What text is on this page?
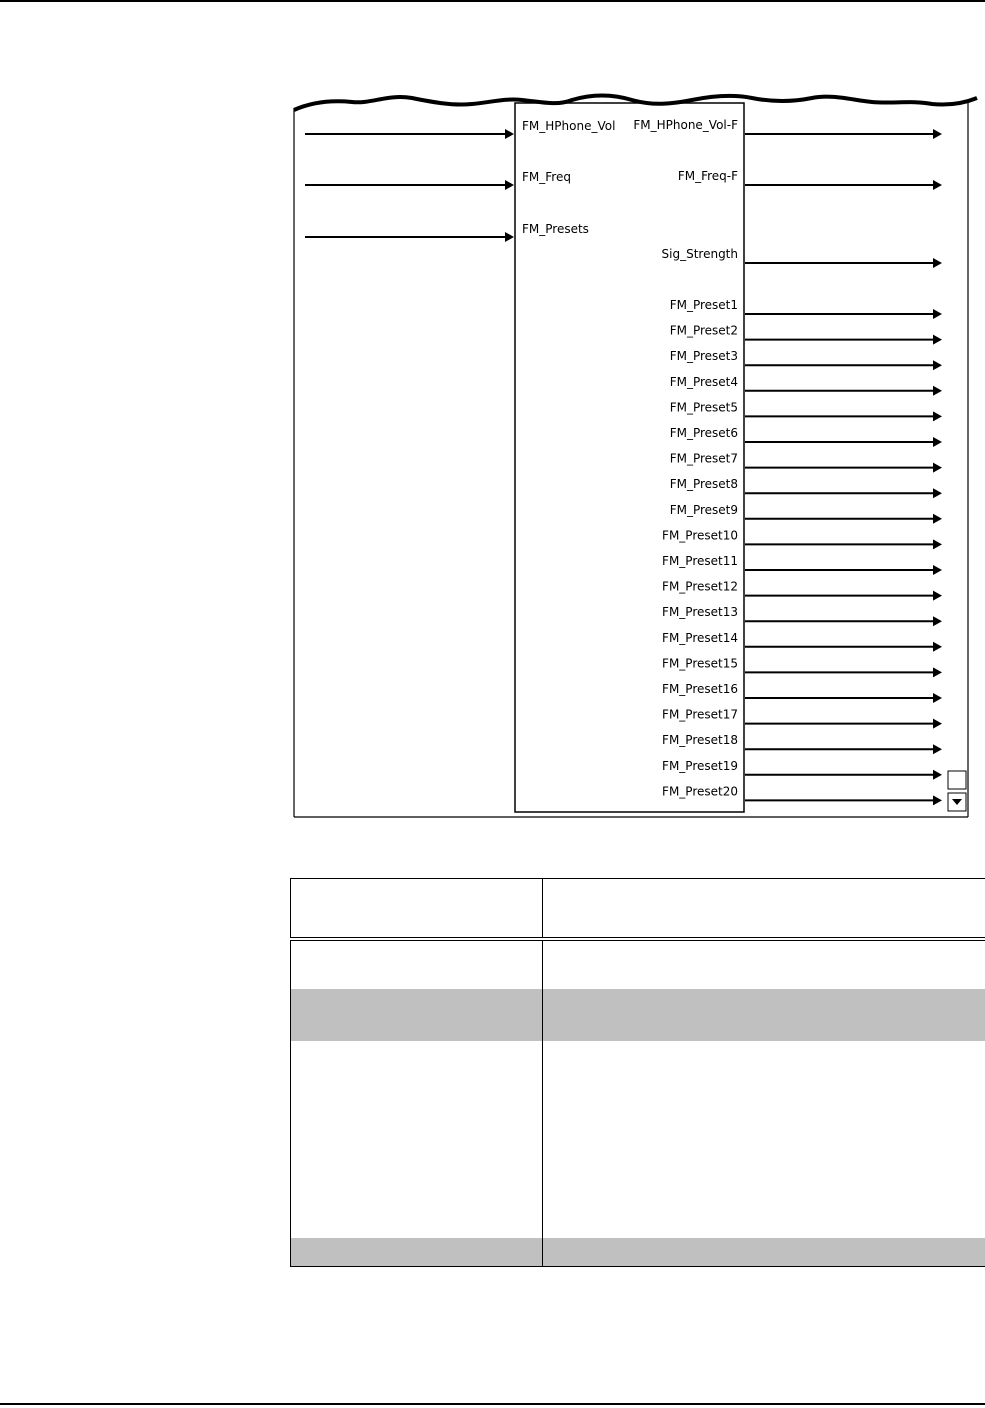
FM_HPhone_Vol
FM_Freq
FM_Presets
FM_HPhone_Vol-F
FM_Freq-F
Sig_Strength
FM_Preset1
FM_Preset2
FM_Preset3
FM_Preset4
FM_Preset5
FM_Preset6
FM_Preset7
FM_Preset8
FM_Preset9
FM_Preset10
FM_Preset11
FM_Preset12
FM_Preset13
FM_Preset14
FM_Preset15
FM_Preset16
FM_Preset17
FM_Preset18
FM_Preset19
FM_Preset20
